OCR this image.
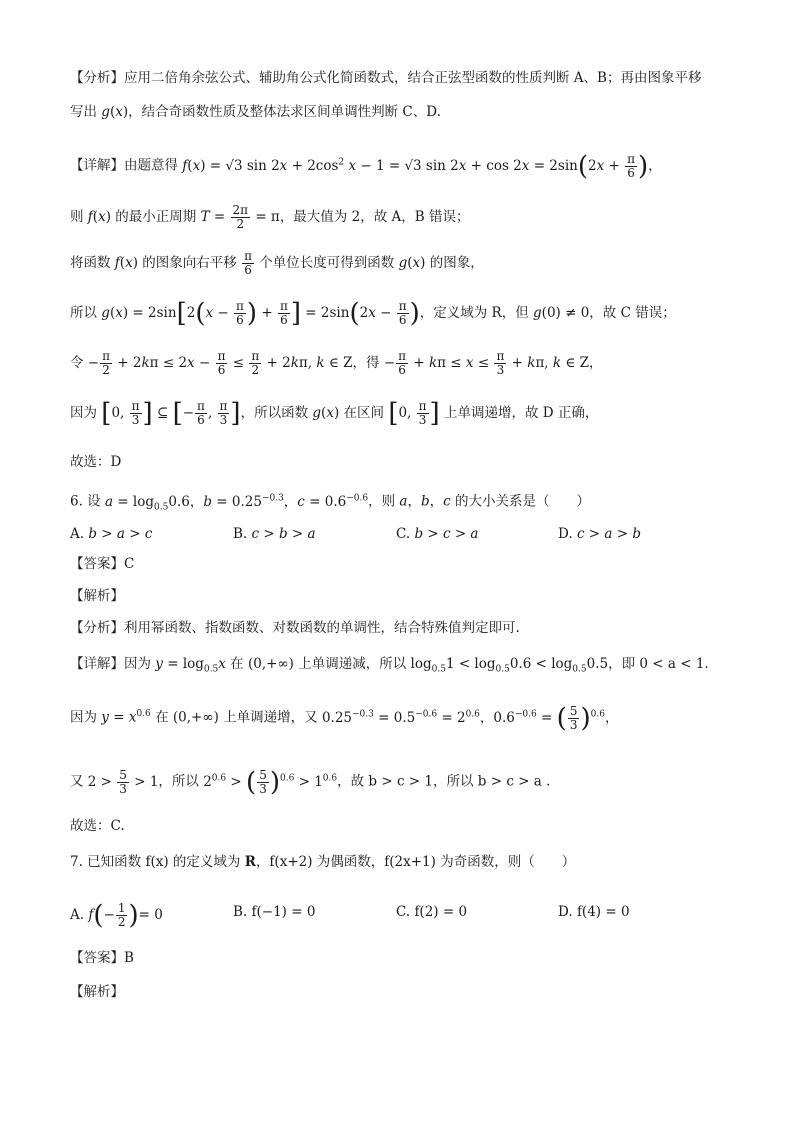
【分析】应用二倍角余弦公式、辅助角公式化简函数式，结合正弦型函数的性质判断 A、B；再由图象平移
写出 g(x)，结合奇函数性质及整体法求区间单调性判断 C、D.
【详解】由题意得 f(x) = √3 $\sin 2x + 2\cos^2$ x − 1 = √3 $\sin 2x + \cos 2x = 2\sin(2x + \frac{\pi}{6}$ )，
则 f(x) 的最小正周期 $T = \frac{2\pi}{2} = \pi$，最大值为 2，故 A，B 错误；
将函数 f(x) 的图象向右平移 $\frac{\pi}{6}$ 个单位长度可得到函数 g(x) 的图象，
所以 $g(x) = 2\sin[2(x - \frac{\pi}{6}$ ) + $\frac{\pi}{6}$ ] = $2\sin(2x - \frac{\pi}{6}$ )，定义域为 R，但 g(0) ≠ 0，故 C 错误；
令 − $\frac{\pi}{2} + 2k\pi \le 2x - \frac{\pi}{6} \le \frac{\pi}{2} + 2k\pi$, k ∈ Z，得 − $\frac{\pi}{6} + k\pi \le x \le \frac{\pi}{3} + k\pi$, k ∈ Z，
因为 [0, $\frac{\pi}{3}$ ] ⊆ [− $\frac{\pi}{6}$ , $\frac{\pi}{3}$ ]，所以函数 g(x) 在区间 [0, $\frac{\pi}{3}$ ] 上单调递增，故 D 正确，
故选：D
6. 设 $a = \log_{0.5}0.6$，$b = 0.25^{-0.3}$，$c = 0.6^{-0.6}$，则 a，b，c 的大小关系是（　　）
A. b > a > c	B. c > b > a	C. b > c > a	D. c > a > b
【答案】C
【解析】
【分析】利用幂函数、指数函数、对数函数的单调性，结合特殊值判定即可.
【详解】因为 $y = \log_{0.5}x$ 在 (0,+∞) 上单调递减，所以 $\log_{0.5}1 < \log_{0.5}0.6 < \log_{0.5}0.5$，即 0 < a < 1.
因为 $y = x^{0.6}$ 在 (0,+∞) 上单调递增，又 $0.25^{-0.3} = 0.5^{-0.6} = 2^{0.6}$，$0.6^{-0.6}$ = ( $\frac{5}{3} )^{0.6}$，
又 $2 > \frac{5}{3} > 1$，所以 $2^{0.6}$ > ( $\frac{5}{3} )^{0.6} > 1^{0.6}$，故 b > c > 1，所以 b > c > a .
故选：C.
7. 已知函数 f(x) 的定义域为 R，f(x+2) 为偶函数，f(2x+1) 为奇函数，则（　　）
A. $f(- \frac{1}{2}$ )= 0	B. f(−1) = 0	C. f(2) = 0	D. f(4) = 0
【答案】B
【解析】
